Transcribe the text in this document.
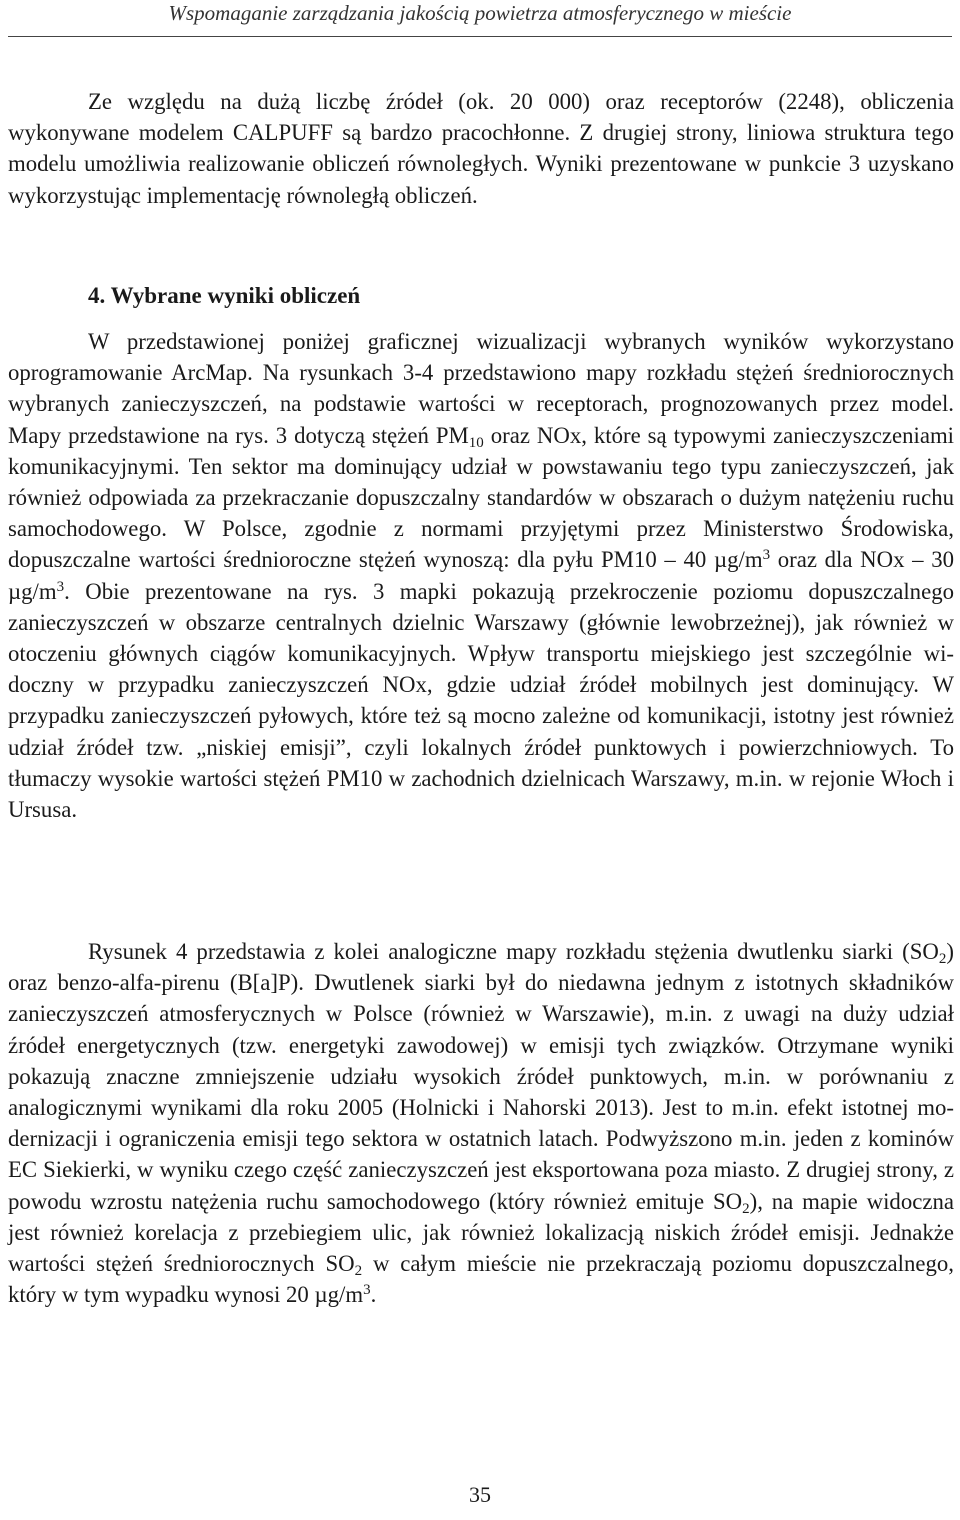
Wspomaganie zarządzania jakością powietrza atmosferycznego w mieście

Ze względu na dużą liczbę źródeł (ok. 20 000) oraz receptorów (2248), obliczenia wykonywane modelem CALPUFF są bardzo pracochłonne. Z drugiej strony, liniowa struktura tego modelu umożliwia realizowanie obliczeń równoległych. Wyniki prezentowane w punkcie 3 uzyskano wykorzystując implementację równoległą obliczeń.

4. Wybrane wyniki obliczeń

W przedstawionej poniżej graficznej wizualizacji wybranych wyników wykorzystano oprogramowanie ArcMap. Na rysunkach 3-4 przedstawiono mapy rozkładu stężeń średniorocznych wybranych zanieczyszczeń, na podstawie wartości w receptorach, prognozowanych przez model. Mapy przedstawione na rys. 3 dotyczą stężeń $PM_{10}$ oraz NOx, które są typowymi zanieczyszczeniami komunikacyjnymi. Ten sektor ma dominujący udział w powstawaniu tego typu zanieczyszczeń, jak również odpowiada za przekraczanie dopuszczalny standardów w obszarach o dużym natężeniu ruchu samochodowego. W Polsce, zgodnie z normami przyjętymi przez Ministerstwo Środowiska, dopuszczalne wartości średnioroczne stężeń wynoszą: dla pyłu PM10 – 40 $\mu g/m^3$ oraz dla NOx – 30 $\mu g/m^3$. Obie prezentowane na rys. 3 mapki pokazują przekroczenie poziomu dopuszczalnego zanieczyszczeń w obszarze centralnych dzielnic Warszawy (głównie lewobrzeżnej), jak również w otoczeniu głównych ciągów komunikacyjnych. Wpływ transportu miejskiego jest szczególnie widoczny w przypadku zanieczyszczeń NOx, gdzie udział źródeł mobilnych jest dominujący. W przypadku zanieczyszczeń pyłowych, które też są mocno zależne od komunikacji, istotny jest również udział źródeł tzw. „niskiej emisji”, czyli lokalnych źródeł punktowych i powierzchniowych. To tłumaczy wysokie wartości stężeń PM10 w zachodnich dzielnicach Warszawy, m.in. w rejonie Włoch i Ursusa.

Rysunek 4 przedstawia z kolei analogiczne mapy rozkładu stężenia dwutlenku siarki $(SO_2)$ oraz benzo-alfa-pirenu (B[a]P). Dwutlenek siarki był do niedawna jednym z istotnych składników zanieczyszczeń atmosferycznych w Polsce (również w Warszawie), m.in. z uwagi na duży udział źródeł energetycznych (tzw. energetyki zawodowej) w emisji tych związków. Otrzymane wyniki pokazują znaczne zmniejszenie udziału wysokich źródeł punktowych, m.in. w porównaniu z analogicznymi wynikami dla roku 2005 (Holnicki i Nahorski 2013). Jest to m.in. efekt istotnej modernizacji i ograniczenia emisji tego sektora w ostatnich latach. Podwyższono m.in. jeden z kominów EC Siekierki, w wyniku czego część zanieczyszczeń jest eksportowana poza miasto. Z drugiej strony, z powodu wzrostu natężenia ruchu samochodowego (który również emituje $SO_2$), na mapie widoczna jest również korelacja z przebiegiem ulic, jak również lokalizacją niskich źródeł emisji. Jednakże wartości stężeń średniorocznych $SO_2$ w całym mieście nie przekraczają poziomu dopuszczalnego, który w tym wypadku wynosi 20 $\mu g/m^3$.

35
